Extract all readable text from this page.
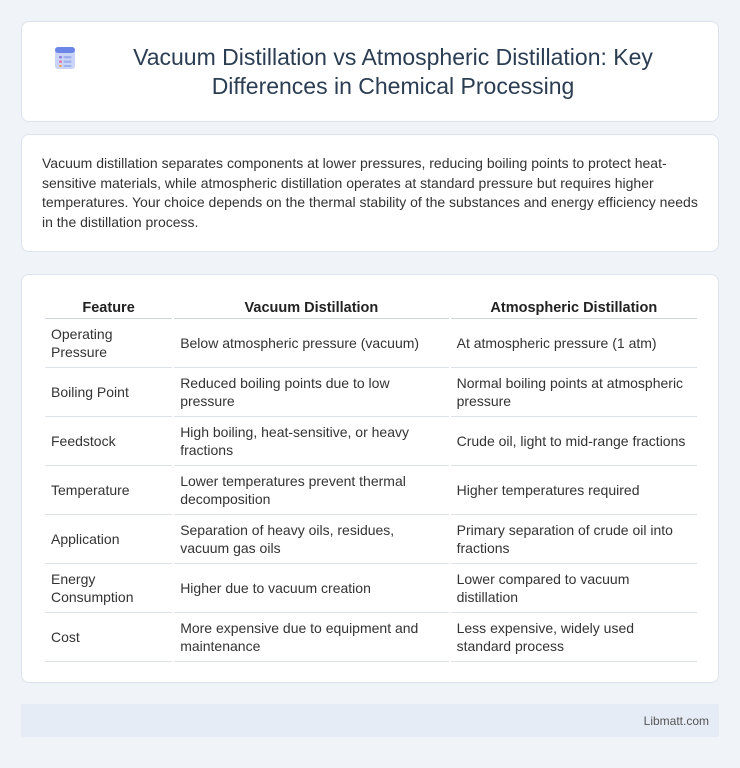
Vacuum Distillation vs Atmospheric Distillation: Key Differences in Chemical Processing

Vacuum distillation separates components at lower pressures, reducing boiling points to protect heat-sensitive materials, while atmospheric distillation operates at standard pressure but requires higher temperatures. Your choice depends on the thermal stability of the substances and energy efficiency needs in the distillation process.

Feature	Vacuum Distillation	Atmospheric Distillation
Operating Pressure	Below atmospheric pressure (vacuum)	At atmospheric pressure (1 atm)
Boiling Point	Reduced boiling points due to low pressure	Normal boiling points at atmospheric pressure
Feedstock	High boiling, heat-sensitive, or heavy fractions	Crude oil, light to mid-range fractions
Temperature	Lower temperatures prevent thermal decomposition	Higher temperatures required
Application	Separation of heavy oils, residues, vacuum gas oils	Primary separation of crude oil into fractions
Energy Consumption	Higher due to vacuum creation	Lower compared to vacuum distillation
Cost	More expensive due to equipment and maintenance	Less expensive, widely used standard process
Libmatt.com
